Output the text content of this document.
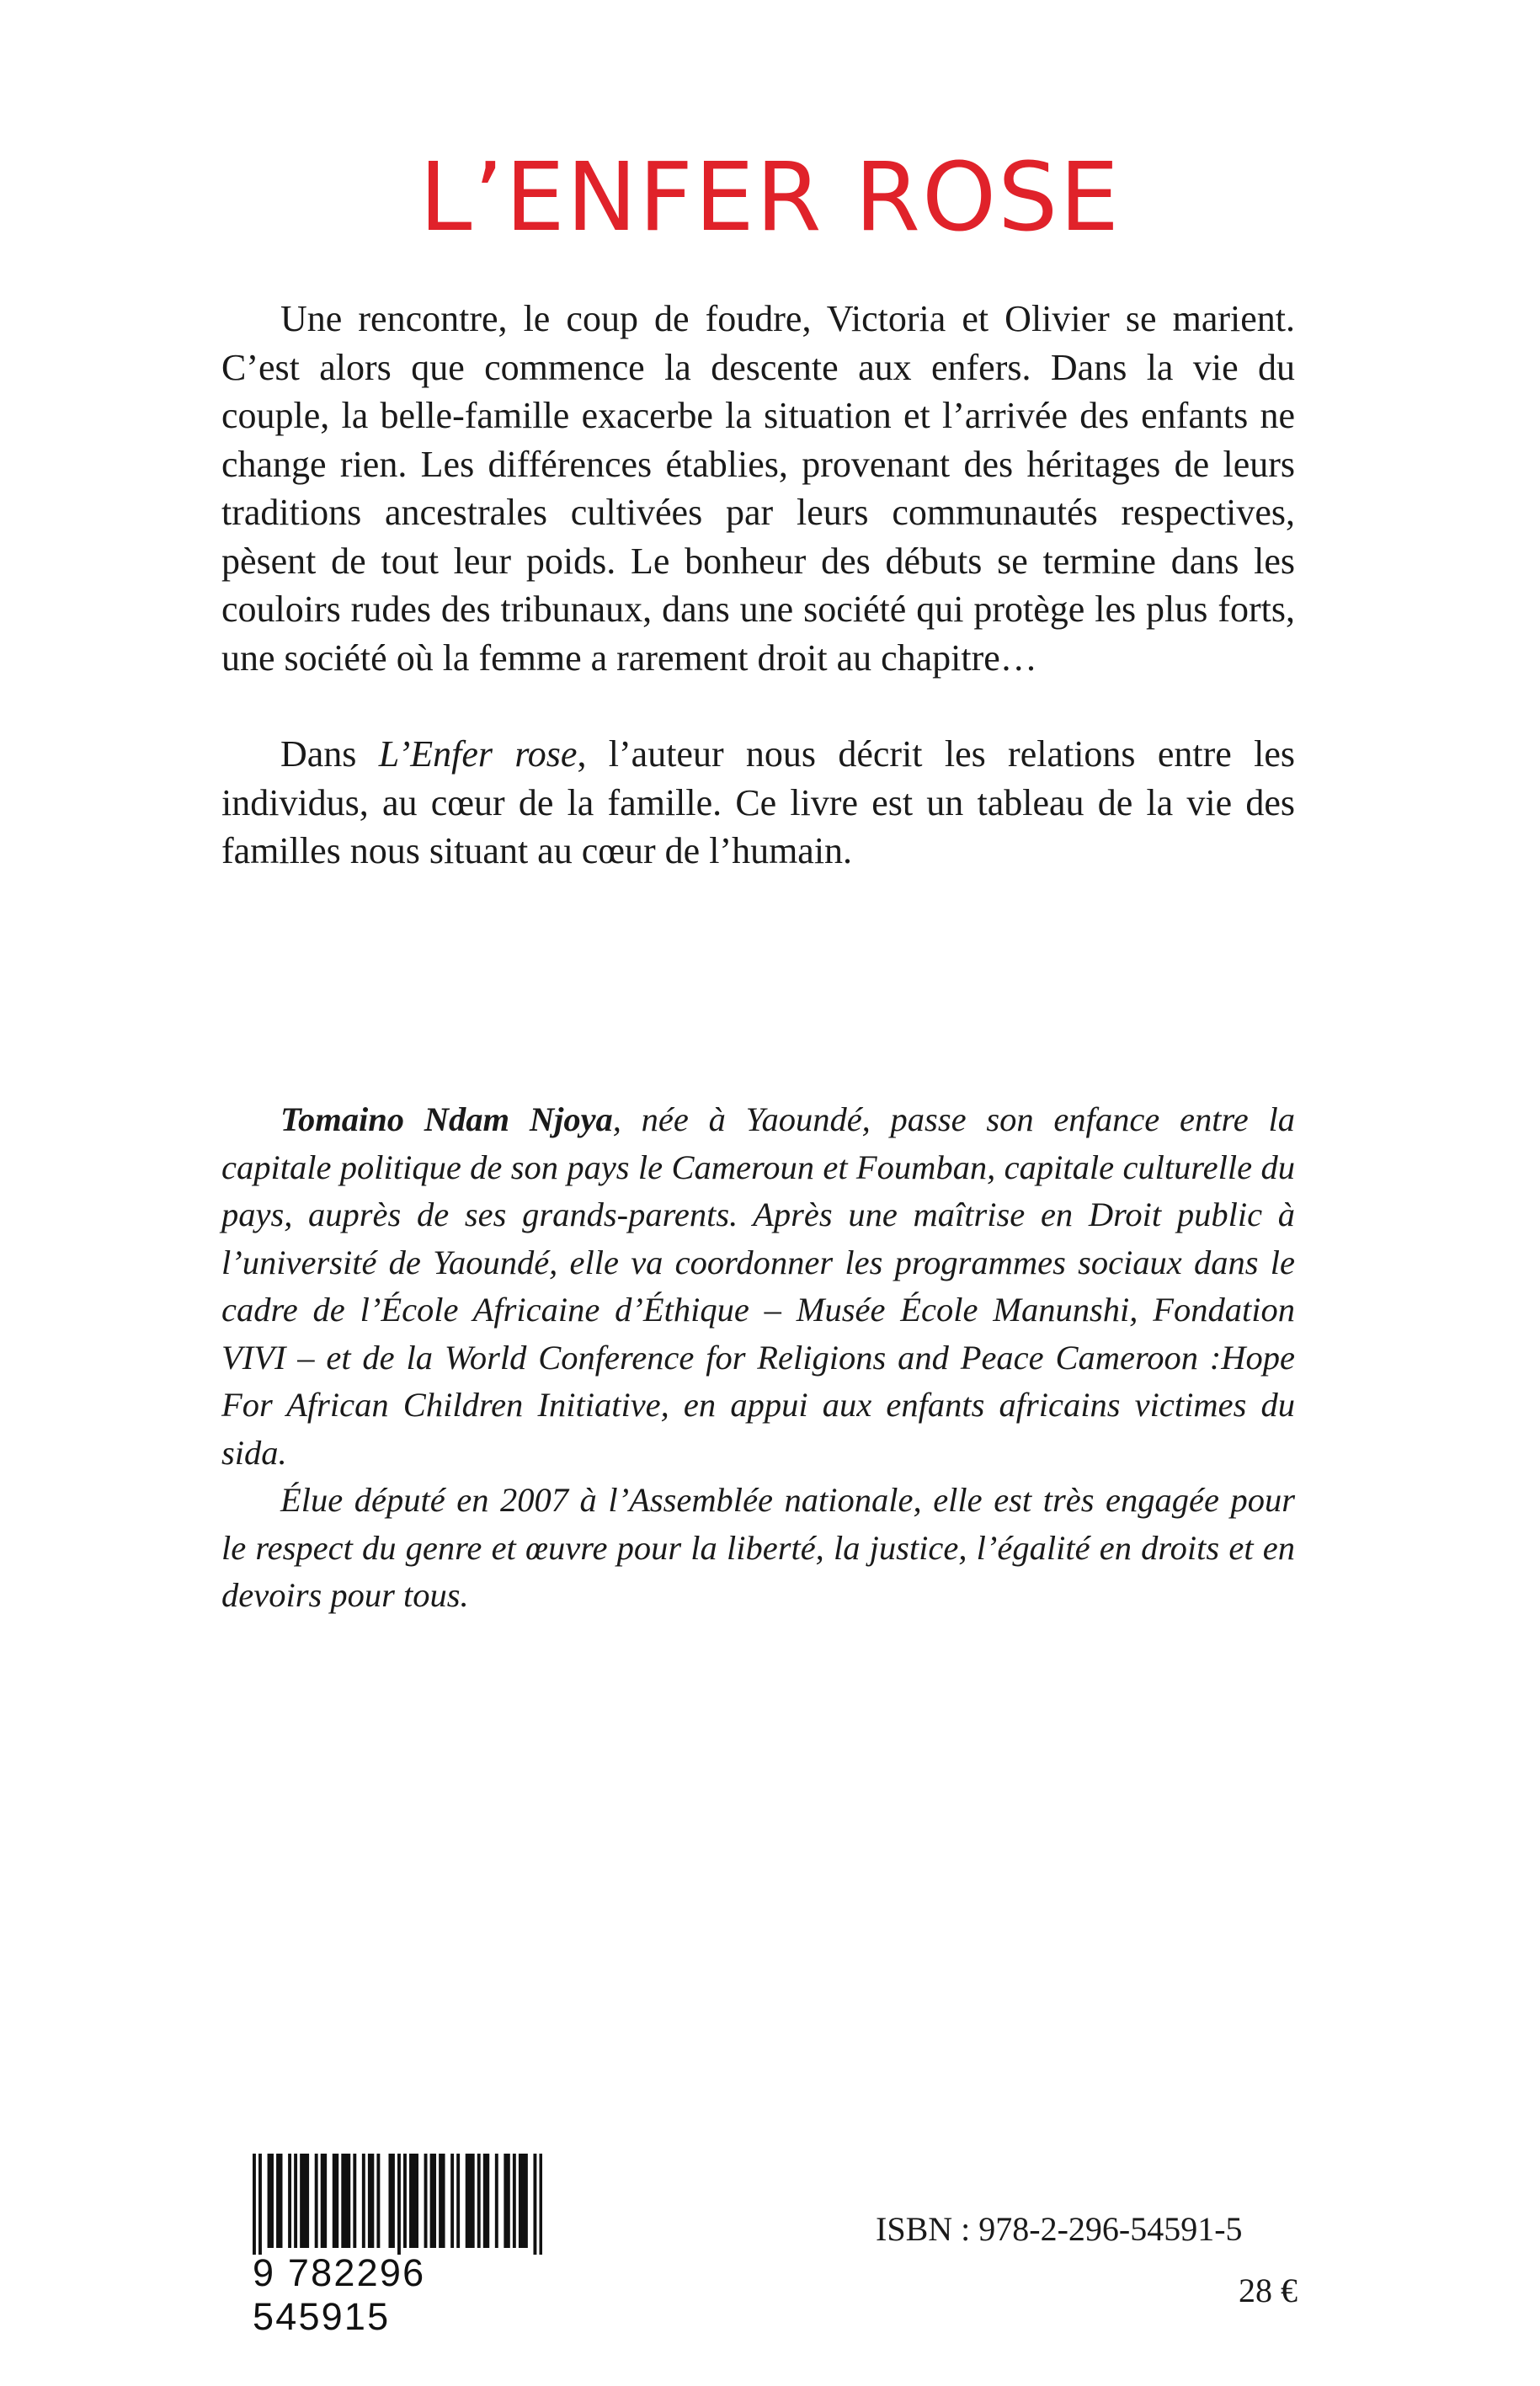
L’ENFER ROSE

Une rencontre, le coup de foudre, Victoria et Olivier se marient. C’est alors que commence la descente aux enfers. Dans la vie du couple, la belle-famille exacerbe la situation et l’arrivée des enfants ne change rien. Les différences établies, provenant des héritages de leurs traditions ancestrales cultivées par leurs communautés respectives, pèsent de tout leur poids. Le bonheur des débuts se termine dans les couloirs rudes des tribunaux, dans une société qui protège les plus forts, une société où la femme a rarement droit au chapitre…

Dans L’Enfer rose, l’auteur nous décrit les relations entre les individus, au cœur de la famille. Ce livre est un tableau de la vie des familles nous situant au cœur de l’humain.

Tomaino Ndam Njoya, née à Yaoundé, passe son enfance entre la capitale politique de son pays le Cameroun et Foumban, capitale culturelle du pays, auprès de ses grands-parents. Après une maîtrise en Droit public à l’université de Yaoundé, elle va coordonner les programmes sociaux dans le cadre de l’École Africaine d’Éthique – Musée École Manunshi, Fondation VIVI – et de la World Conference for Religions and Peace Cameroon :Hope For African Children Initiative, en appui aux enfants africains victimes du sida.

Élue député en 2007 à l’Assemblée nationale, elle est très engagée pour le respect du genre et œuvre pour la liberté, la justice, l’égalité en droits et en devoirs pour tous.

9 782296 545915
ISBN : 978-2-296-54591-5
28 €
